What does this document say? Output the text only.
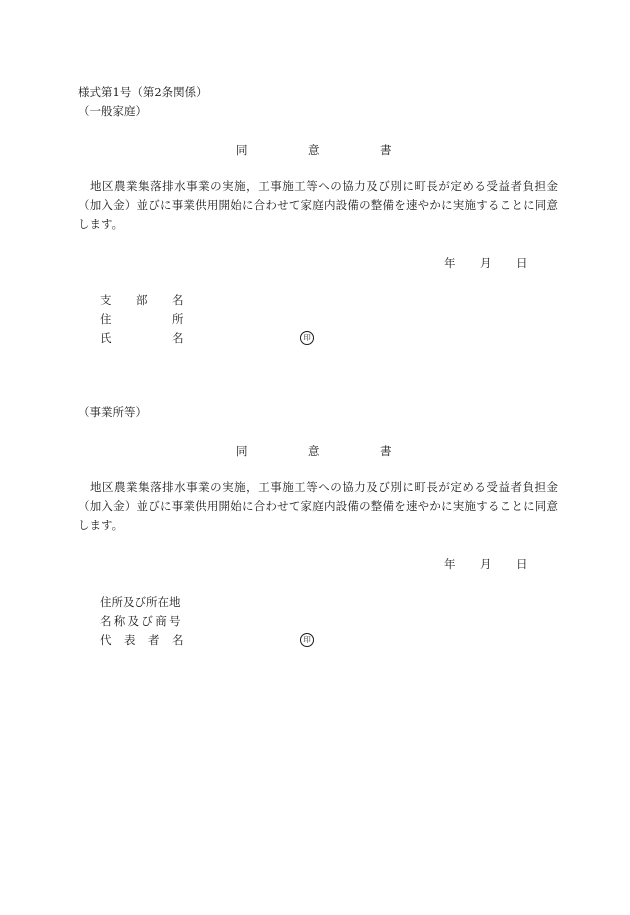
様式第1号（第2条関係）
（一般家庭）
同	意	書
　地区農業集落排水事業の実施，工事施工等への協力及び別に町長が定める受益者負担金（加入金）並びに事業供用開始に合わせて家庭内設備の整備を速やかに実施することに同意します。
年 月 日
支 部 名
住	所
氏	名	印
（事業所等）
同	意	書
　地区農業集落排水事業の実施，工事施工等への協力及び別に町長が定める受益者負担金（加入金）並びに事業供用開始に合わせて家庭内設備の整備を速やかに実施することに同意します。
年 月 日
住所及び所在地
名称及び商号
代 表 者 名	印
